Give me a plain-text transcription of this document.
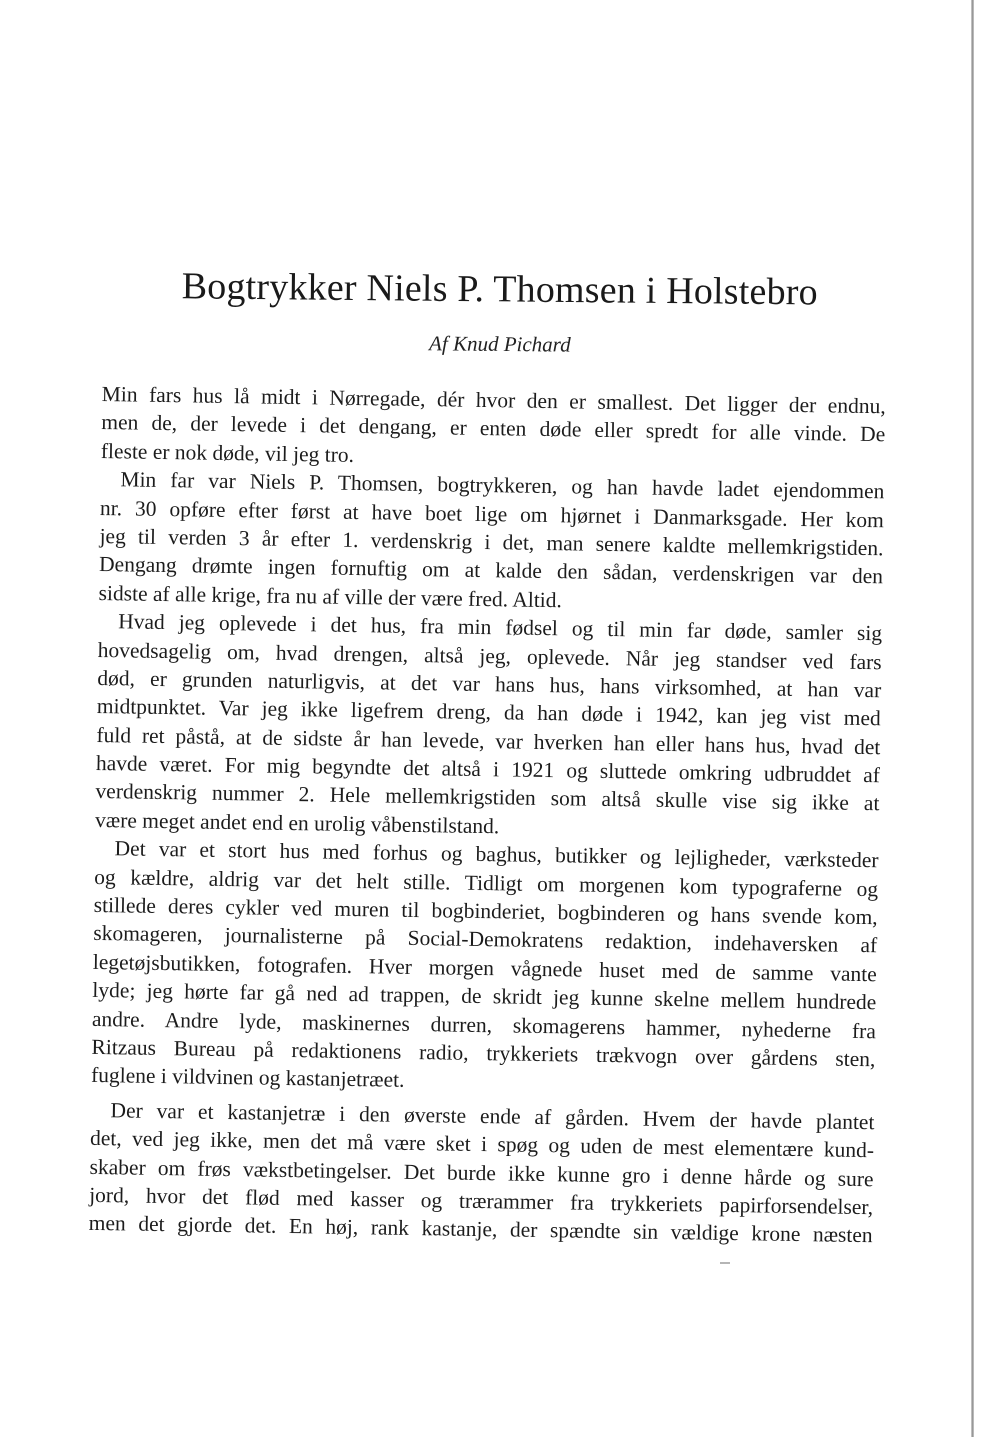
Bogtrykker Niels P. Thomsen i Holstebro
Af Knud Pichard
Min fars hus lå midt i Nørregade, dér hvor den er smallest. Det ligger der endnu,
men de, der levede i det dengang, er enten døde eller spredt for alle vinde. De
fleste er nok døde, vil jeg tro.
Min far var Niels P. Thomsen, bogtrykkeren, og han havde ladet ejendommen
nr. 30 opføre efter først at have boet lige om hjørnet i Danmarksgade. Her kom
jeg til verden 3 år efter 1. verdenskrig i det, man senere kaldte mellemkrigstiden.
Dengang drømte ingen fornuftig om at kalde den sådan, verdenskrigen var den
sidste af alle krige, fra nu af ville der være fred. Altid.
Hvad jeg oplevede i det hus, fra min fødsel og til min far døde, samler sig
hovedsagelig om, hvad drengen, altså jeg, oplevede. Når jeg standser ved fars
død, er grunden naturligvis, at det var hans hus, hans virksomhed, at han var
midtpunktet. Var jeg ikke ligefrem dreng, da han døde i 1942, kan jeg vist med
fuld ret påstå, at de sidste år han levede, var hverken han eller hans hus, hvad det
havde været. For mig begyndte det altså i 1921 og sluttede omkring udbruddet af
verdenskrig nummer 2. Hele mellemkrigstiden som altså skulle vise sig ikke at
være meget andet end en urolig våbenstilstand.
Det var et stort hus med forhus og baghus, butikker og lejligheder, værksteder
og kældre, aldrig var det helt stille. Tidligt om morgenen kom typograferne og
stillede deres cykler ved muren til bogbinderiet, bogbinderen og hans svende kom,
skomageren, journalisterne på Social-Demokratens redaktion, indehaversken af
legetøjsbutikken, fotografen. Hver morgen vågnede huset med de samme vante
lyde; jeg hørte far gå ned ad trappen, de skridt jeg kunne skelne mellem hundrede
andre. Andre lyde, maskinernes durren, skomagerens hammer, nyhederne fra
Ritzaus Bureau på redaktionens radio, trykkeriets trækvogn over gårdens sten,
fuglene i vildvinen og kastanjetræet.
Der var et kastanjetræ i den øverste ende af gården. Hvem der havde plantet
det, ved jeg ikke, men det må være sket i spøg og uden de mest elementære kund-
skaber om frøs vækstbetingelser. Det burde ikke kunne gro i denne hårde og sure
jord, hvor det flød med kasser og trærammer fra trykkeriets papirforsendelser,
men det gjorde det. En høj, rank kastanje, der spændte sin vældige krone næsten
